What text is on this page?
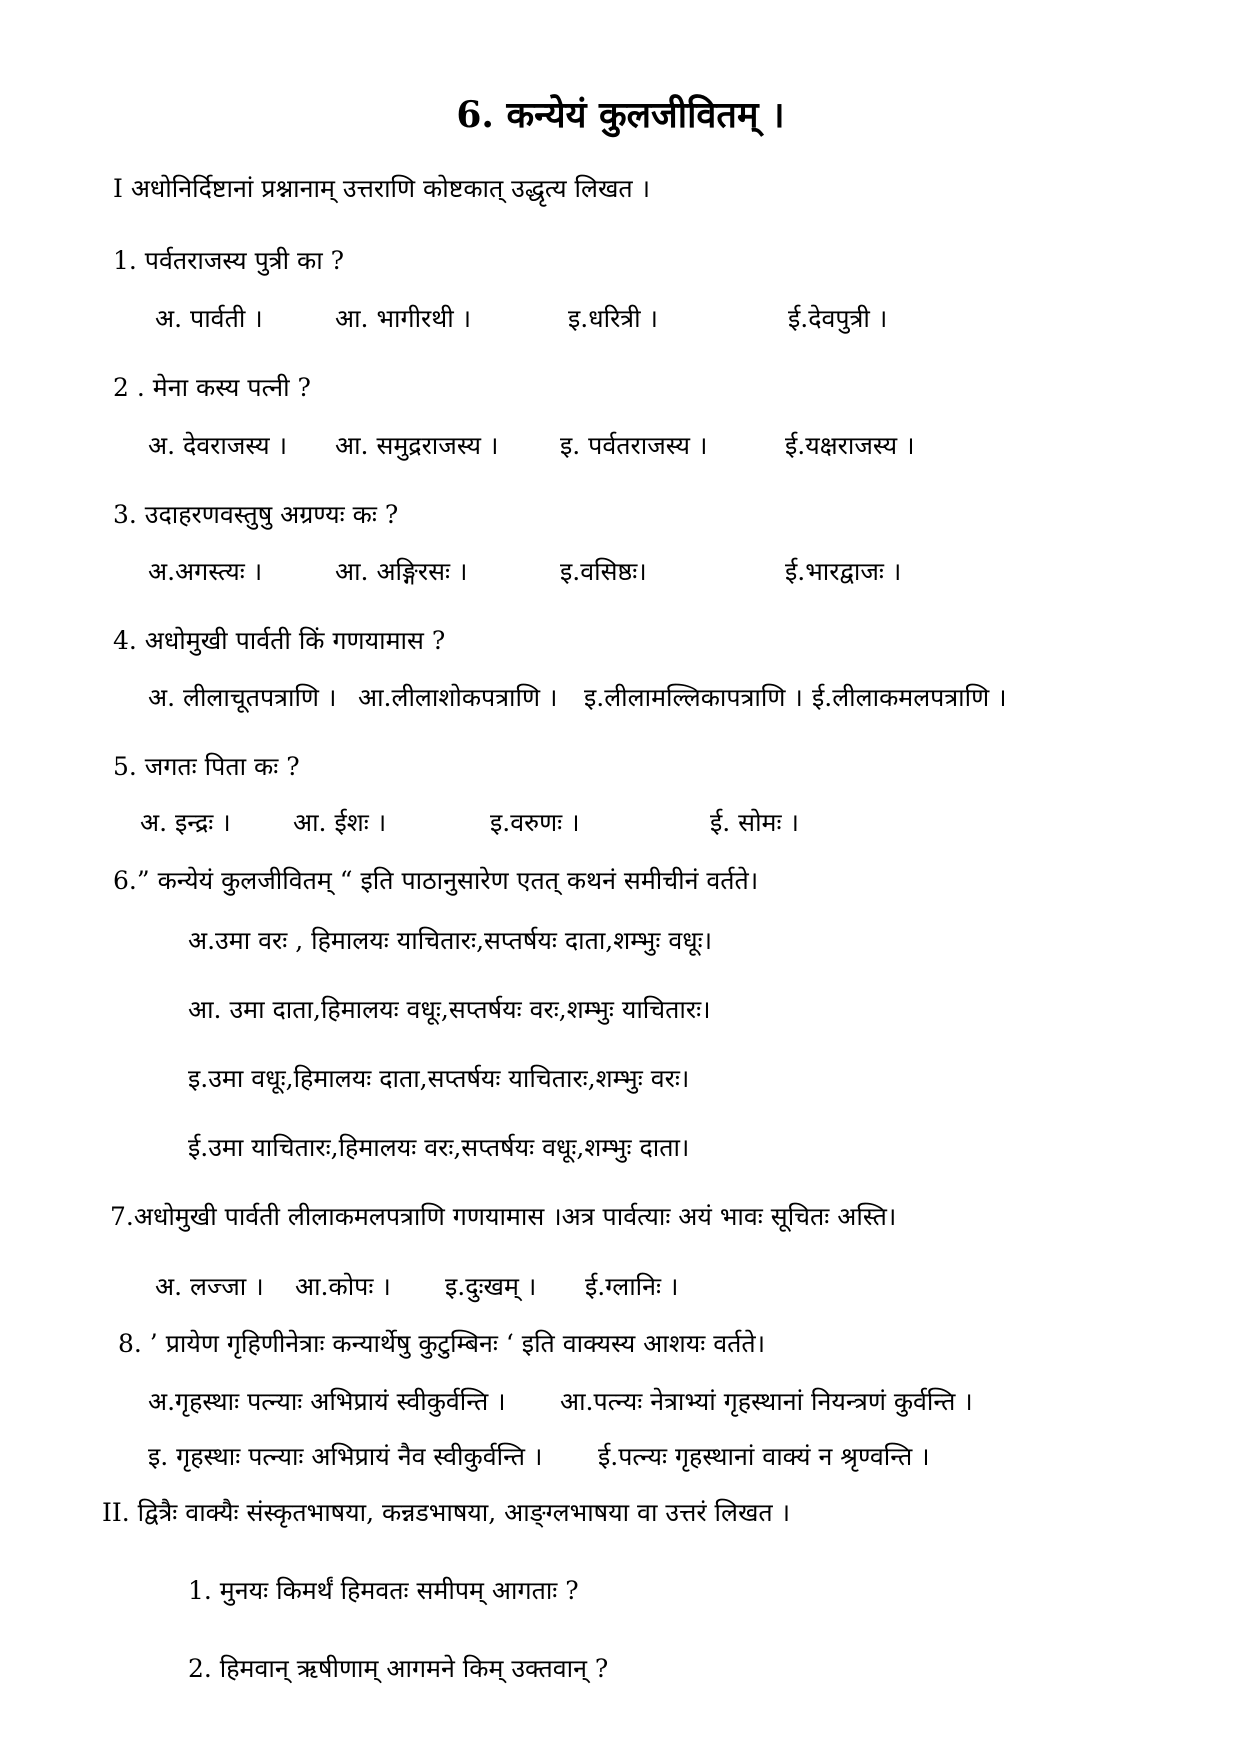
6. कन्येयं कुलजीवितम् ।
I अधोनिर्दिष्टानां प्रश्नानाम् उत्तराणि कोष्टकात् उद्धृत्य लिखत ।
1. पर्वतराजस्य पुत्री का ?
अ. पार्वती ।	आ. भागीरथी ।	इ.धरित्री ।	ई.देवपुत्री ।
2 . मेना कस्य पत्नी ?
अ. देवराजस्य । आ. समुद्रराजस्य । इ. पर्वतराजस्य ।	ई.यक्षराजस्य ।
3. उदाहरणवस्तुषु अग्रण्यः कः ?
अ.अगस्त्यः ।	आ. अङ्गिरसः ।	इ.वसिष्ठः।	ई.भारद्वाजः ।
4. अधोमुखी पार्वती किं गणयामास ?
अ. लीलाचूतपत्राणि । आ.लीलाशोकपत्राणि । इ.लीलामल्लिकापत्राणि । ई.लीलाकमलपत्राणि ।
5. जगतः पिता कः ?
अ. इन्द्रः । आ. ईशः ।	इ.वरुणः ।	ई. सोमः ।
6.” कन्येयं कुलजीवितम् “ इति पाठानुसारेण एतत् कथनं समीचीनं वर्तते।
अ.उमा वरः , हिमालयः याचितारः,सप्तर्षयः दाता,शम्भुः वधूः।
आ. उमा दाता,हिमालयः वधूः,सप्तर्षयः वरः,शम्भुः याचितारः।
इ.उमा वधूः,हिमालयः दाता,सप्तर्षयः याचितारः,शम्भुः वरः।
ई.उमा याचितारः,हिमालयः वरः,सप्तर्षयः वधूः,शम्भुः दाता।
7.अधोमुखी पार्वती लीलाकमलपत्राणि गणयामास ।अत्र पार्वत्याः अयं भावः सूचितः अस्ति।
अ. लज्जा । आ.कोपः । इ.दुःखम् । ई.ग्लानिः ।
8. ’ प्रायेण गृहिणीनेत्राः कन्यार्थेषु कुटुम्बिनः ‘ इति वाक्यस्य आशयः वर्तते।
अ.गृहस्थाः पत्न्याः अभिप्रायं स्वीकुर्वन्ति । आ.पत्न्यः नेत्राभ्यां गृहस्थानां नियन्त्रणं कुर्वन्ति ।
इ. गृहस्थाः पत्न्याः अभिप्रायं नैव स्वीकुर्वन्ति । ई.पत्न्यः गृहस्थानां वाक्यं न श्रृण्वन्ति ।
II. द्वित्रैः वाक्यैः संस्कृतभाषया, कन्नडभाषया, आङ्ग्लभाषया वा उत्तरं लिखत ।
1. मुनयः किमर्थं हिमवतः समीपम् आगताः ?
2. हिमवान् ऋषीणाम् आगमने किम् उक्तवान् ?
